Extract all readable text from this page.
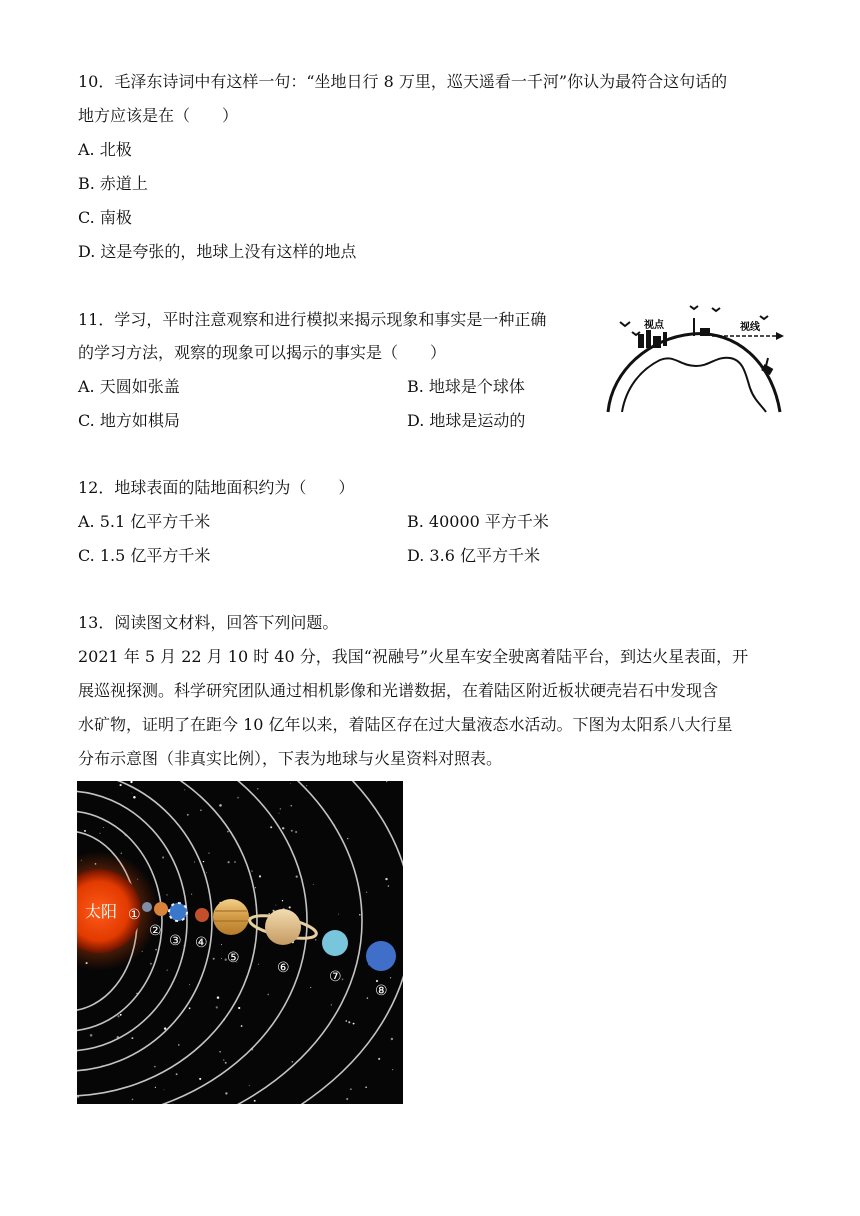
10．毛泽东诗词中有这样一句：“坐地日行 8 万里，巡天遥看一千河”你认为最符合这句话的
地方应该是在（　　）
A. 北极
B. 赤道上
C. 南极
D. 这是夸张的，地球上没有这样的地点
11．学习，平时注意观察和进行模拟来揭示现象和事实是一种正确
的学习方法，观察的现象可以揭示的事实是（　　）
A. 天圆如张盖	B. 地球是个球体
C. 地方如棋局	D. 地球是运动的
视点	视线
12．地球表面的陆地面积约为（　　）
A. 5.1 亿平方千米	B. 40000 平方千米
C. 1.5 亿平方千米	D. 3.6 亿平方千米
13．阅读图文材料，回答下列问题。
2021 年 5 月 22 月 10 时 40 分，我国“祝融号”火星车安全驶离着陆平台，到达火星表面，开
展巡视探测。科学研究团队通过相机影像和光谱数据，在着陆区附近板状硬壳岩石中发现含
水矿物，证明了在距今 10 亿年以来，着陆区存在过大量液态水活动。下图为太阳系八大行星
分布示意图（非真实比例），下表为地球与火星资料对照表。
太阳 ①
②
③ ④
⑤
⑥
⑦
⑧
